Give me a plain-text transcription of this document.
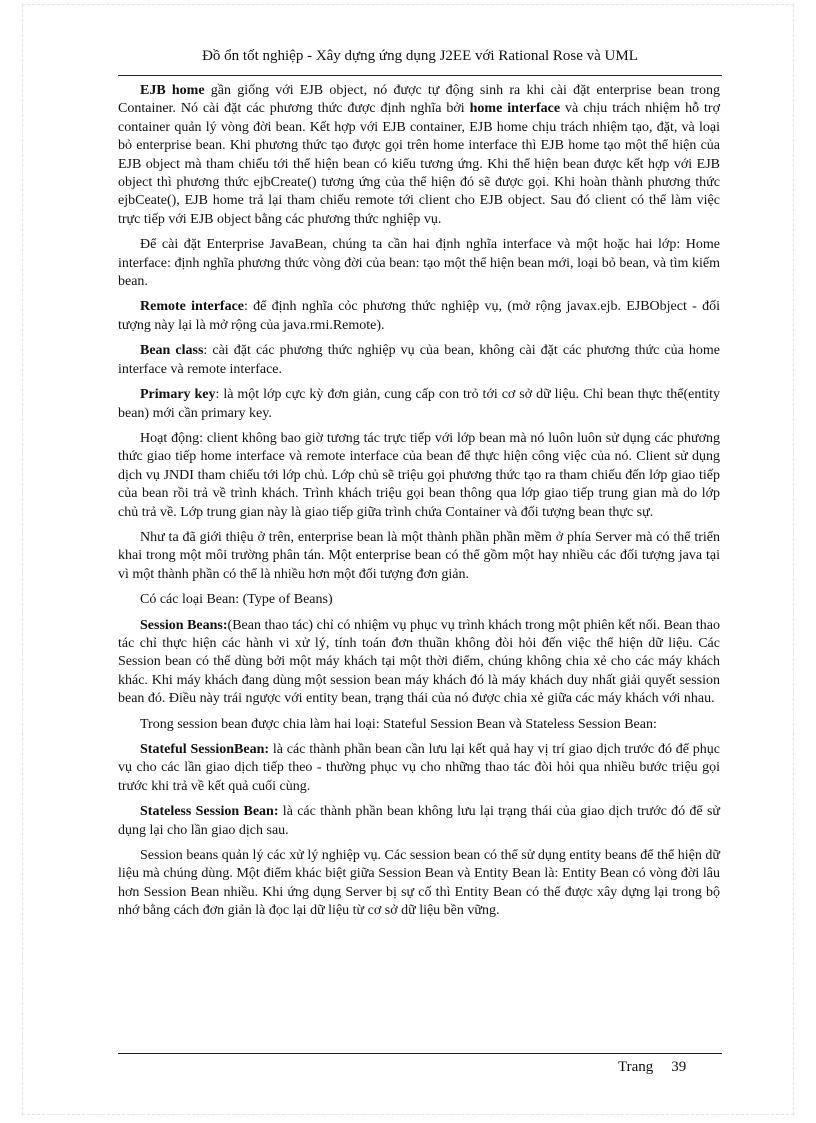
Đồ ổn tốt nghiệp - Xây dựng ứng dụng J2EE với Rational Rose và UML

EJB home gần giống với EJB object, nó được tự động sinh ra khi cài đặt enterprise bean trong Container. Nó cài đặt các phương thức được định nghĩa bởi home interface và chịu trách nhiệm hỗ trợ container quản lý vòng đời bean. Kết hợp với EJB container, EJB home chịu trách nhiệm tạo, đặt, và loại bỏ enterprise bean. Khi phương thức tạo được gọi trên home interface thì EJB home tạo một thể hiện của EJB object mà tham chiếu tới thể hiện bean có kiểu tương ứng. Khi thể hiện bean được kết hợp với EJB object thì phương thức ejbCreate() tương ứng của thể hiện đó sẽ được gọi. Khi hoàn thành phương thức ejbCeate(), EJB home trả lại tham chiếu remote tới client cho EJB object. Sau đó client có thể làm việc trực tiếp với EJB object bằng các phương thức nghiệp vụ.

Để cài đặt Enterprise JavaBean, chúng ta cần hai định nghĩa interface và một hoặc hai lớp: Home interface: định nghĩa phương thức vòng đời của bean: tạo một thể hiện bean mới, loại bỏ bean, và tìm kiếm bean.

Remote interface: để định nghĩa cỏc phương thức nghiệp vụ, (mở rộng javax.ejb. EJBObject - đối tượng này lại là mở rộng của java.rmi.Remote).

Bean class: cài đặt các phương thức nghiệp vụ của bean, không cài đặt các phương thức của home interface và remote interface.

Primary key: là một lớp cực kỳ đơn giản, cung cấp con trỏ tới cơ sở dữ liệu. Chỉ bean thực thể(entity bean) mới cần primary key.

Hoạt động: client không bao giờ tương tác trực tiếp với lớp bean mà nó luôn luôn sử dụng các phương thức giao tiếp home interface và remote interface của bean để thực hiện công việc của nó. Client sử dụng dịch vụ JNDI tham chiếu tới lớp chủ. Lớp chủ sẽ triệu gọi phương thức tạo ra tham chiếu đến lớp giao tiếp của bean rồi trả về trình khách. Trình khách triệu gọi bean thông qua lớp giao tiếp trung gian mà do lớp chủ trả về. Lớp trung gian này là giao tiếp giữa trình chứa Container và đối tượng bean thực sự.

Như ta đã giới thiệu ở trên, enterprise bean là một thành phần phần mềm ở phía Server mà có thể triển khai trong một môi trường phân tán. Một enterprise bean có thể gồm một hay nhiều các đối tượng java tại vì một thành phần có thể là nhiều hơn một đối tượng đơn giản.

Có các loại Bean: (Type of Beans)

Session Beans:(Bean thao tác) chỉ có nhiệm vụ phục vụ trình khách trong một phiên kết nối. Bean thao tác chỉ thực hiện các hành vi xử lý, tính toán đơn thuần không đòi hỏi đến việc thể hiện dữ liệu. Các Session bean có thể dùng bởi một máy khách tại một thời điểm, chúng không chia xẻ cho các máy khách khác. Khi máy khách đang dùng một session bean máy khách đó là máy khách duy nhất giải quyết session bean đó. Điều này trái ngược với entity bean, trạng thái của nó được chia xẻ giữa các máy khách với nhau.

Trong session bean được chia làm hai loại: Stateful Session Bean và Stateless Session Bean:

Stateful SessionBean: là các thành phần bean cần lưu lại kết quả hay vị trí giao dịch trước đó để phục vụ cho các lần giao dịch tiếp theo - thường phục vụ cho những thao tác đòi hỏi qua nhiều bước triệu gọi trước khi trả về kết quả cuối cùng.

Stateless Session Bean: là các thành phần bean không lưu lại trạng thái của giao dịch trước đó để sử dụng lại cho lần giao dịch sau.

Session beans quản lý các xử lý nghiệp vụ. Các session bean có thể sử dụng entity beans để thể hiện dữ liệu mà chúng dùng. Một điểm khác biệt giữa Session Bean và Entity Bean là: Entity Bean có vòng đời lâu hơn Session Bean nhiều. Khi ứng dụng Server bị sự cố thì Entity Bean có thể được xây dựng lại trong bộ nhớ bằng cách đơn giản là đọc lại dữ liệu từ cơ sở dữ liệu bền vững.

Trang 39
